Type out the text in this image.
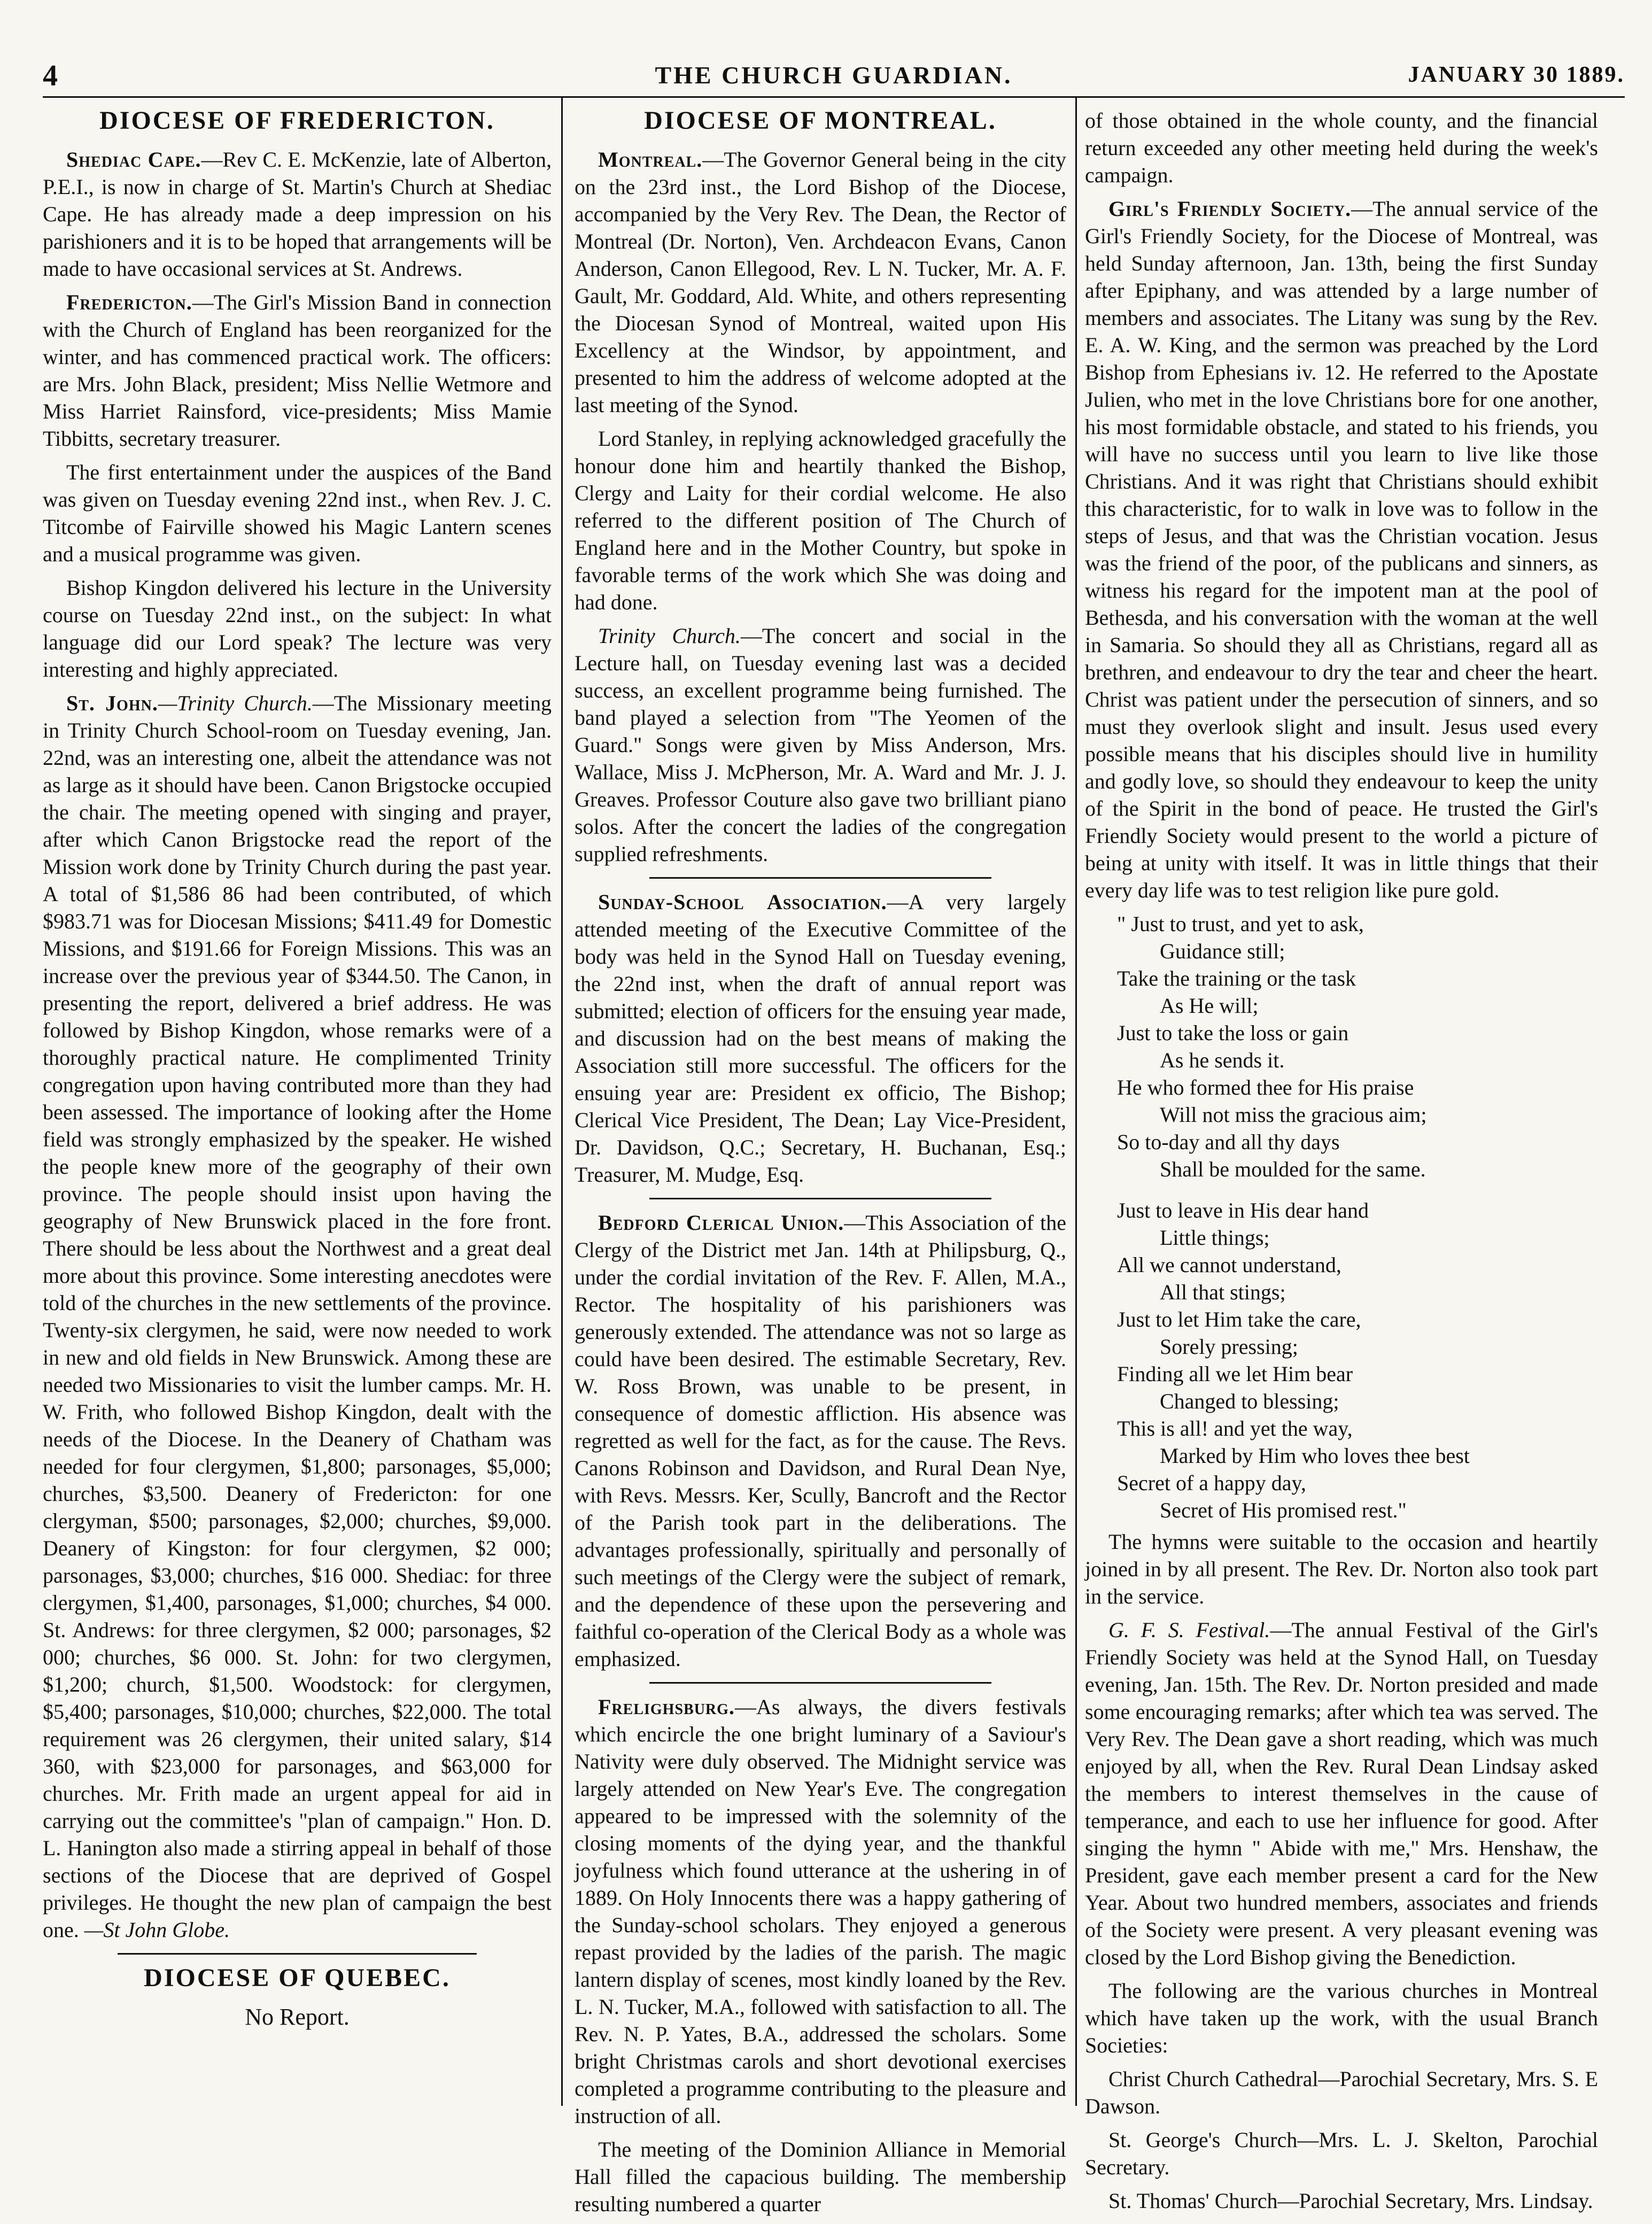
4	THE CHURCH GUARDIAN.	JANUARY 30 1889.
DIOCESE OF FREDERICTON.

Shediac Cape.—Rev C. E. McKenzie, late of Alberton, P.E.I., is now in charge of St. Martin's Church at Shediac Cape. He has already made a deep impression on his parishioners and it is to be hoped that arrangements will be made to have occasional services at St. Andrews.

Fredericton.—The Girl's Mission Band in connection with the Church of England has been reorganized for the winter, and has commenced practical work. The officers: are Mrs. John Black, president; Miss Nellie Wetmore and Miss Harriet Rainsford, vice-presidents; Miss Mamie Tibbitts, secretary treasurer.

The first entertainment under the auspices of the Band was given on Tuesday evening 22nd inst., when Rev. J. C. Titcombe of Fairville showed his Magic Lantern scenes and a musical programme was given.

Bishop Kingdon delivered his lecture in the University course on Tuesday 22nd inst., on the subject: In what language did our Lord speak? The lecture was very interesting and highly appreciated.

St. John.—Trinity Church.—The Missionary meeting in Trinity Church School-room on Tuesday evening, Jan. 22nd, was an interesting one, albeit the attendance was not as large as it should have been. Canon Brigstocke occupied the chair. The meeting opened with singing and prayer, after which Canon Brigstocke read the report of the Mission work done by Trinity Church during the past year. A total of $1,586 86 had been contributed, of which $983.71 was for Diocesan Missions; $411.49 for Domestic Missions, and $191.66 for Foreign Missions. This was an increase over the previous year of $344.50. The Canon, in presenting the report, delivered a brief address. He was followed by Bishop Kingdon, whose remarks were of a thoroughly practical nature. He complimented Trinity congregation upon having contributed more than they had been assessed. The importance of looking after the Home field was strongly emphasized by the speaker. He wished the people knew more of the geography of their own province. The people should insist upon having the geography of New Brunswick placed in the fore front. There should be less about the Northwest and a great deal more about this province. Some interesting anecdotes were told of the churches in the new settlements of the province. Twenty-six clergymen, he said, were now needed to work in new and old fields in New Brunswick. Among these are needed two Missionaries to visit the lumber camps. Mr. H. W. Frith, who followed Bishop Kingdon, dealt with the needs of the Diocese. In the Deanery of Chatham was needed for four clergymen, $1,800; parsonages, $5,000; churches, $3,500. Deanery of Fredericton: for one clergyman, $500; parsonages, $2,000; churches, $9,000. Deanery of Kingston: for four clergymen, $2 000; parsonages, $3,000; churches, $16 000. Shediac: for three clergymen, $1,400, parsonages, $1,000; churches, $4 000. St. Andrews: for three clergymen, $2 000; parsonages, $2 000; churches, $6 000. St. John: for two clergymen, $1,200; church, $1,500. Woodstock: for clergymen, $5,400; parsonages, $10,000; churches, $22,000. The total requirement was 26 clergymen, their united salary, $14 360, with $23,000 for parsonages, and $63,000 for churches. Mr. Frith made an urgent appeal for aid in carrying out the committee's "plan of campaign." Hon. D. L. Hanington also made a stirring appeal in behalf of those sections of the Diocese that are deprived of Gospel privileges. He thought the new plan of campaign the best one. —St John Globe.

DIOCESE OF QUEBEC.
No Report.
DIOCESE OF MONTREAL.

Montreal.—The Governor General being in the city on the 23rd inst., the Lord Bishop of the Diocese, accompanied by the Very Rev. The Dean, the Rector of Montreal (Dr. Norton), Ven. Archdeacon Evans, Canon Anderson, Canon Ellegood, Rev. L N. Tucker, Mr. A. F. Gault, Mr. Goddard, Ald. White, and others representing the Diocesan Synod of Montreal, waited upon His Excellency at the Windsor, by appointment, and presented to him the address of welcome adopted at the last meeting of the Synod.

Lord Stanley, in replying acknowledged gracefully the honour done him and heartily thanked the Bishop, Clergy and Laity for their cordial welcome. He also referred to the different position of The Church of England here and in the Mother Country, but spoke in favorable terms of the work which She was doing and had done.

Trinity Church.—The concert and social in the Lecture hall, on Tuesday evening last was a decided success, an excellent programme being furnished. The band played a selection from "The Yeomen of the Guard." Songs were given by Miss Anderson, Mrs. Wallace, Miss J. McPherson, Mr. A. Ward and Mr. J. J. Greaves. Professor Couture also gave two brilliant piano solos. After the concert the ladies of the congregation supplied refreshments.

Sunday-School Association.—A very largely attended meeting of the Executive Committee of the body was held in the Synod Hall on Tuesday evening, the 22nd inst, when the draft of annual report was submitted; election of officers for the ensuing year made, and discussion had on the best means of making the Association still more successful. The officers for the ensuing year are: President ex officio, The Bishop; Clerical Vice President, The Dean; Lay Vice-President, Dr. Davidson, Q.C.; Secretary, H. Buchanan, Esq.; Treasurer, M. Mudge, Esq.

Bedford Clerical Union.—This Association of the Clergy of the District met Jan. 14th at Philipsburg, Q., under the cordial invitation of the Rev. F. Allen, M.A., Rector. The hospitality of his parishioners was generously extended. The attendance was not so large as could have been desired. The estimable Secretary, Rev. W. Ross Brown, was unable to be present, in consequence of domestic affliction. His absence was regretted as well for the fact, as for the cause. The Revs. Canons Robinson and Davidson, and Rural Dean Nye, with Revs. Messrs. Ker, Scully, Bancroft and the Rector of the Parish took part in the deliberations. The advantages professionally, spiritually and personally of such meetings of the Clergy were the subject of remark, and the dependence of these upon the persevering and faithful co-operation of the Clerical Body as a whole was emphasized.

Frelighsburg.—As always, the divers festivals which encircle the one bright luminary of a Saviour's Nativity were duly observed. The Midnight service was largely attended on New Year's Eve. The congregation appeared to be impressed with the solemnity of the closing moments of the dying year, and the thankful joyfulness which found utterance at the ushering in of 1889. On Holy Innocents there was a happy gathering of the Sunday-school scholars. They enjoyed a generous repast provided by the ladies of the parish. The magic lantern display of scenes, most kindly loaned by the Rev. L. N. Tucker, M.A., followed with satisfaction to all. The Rev. N. P. Yates, B.A., addressed the scholars. Some bright Christmas carols and short devotional exercises completed a programme contributing to the pleasure and instruction of all.

The meeting of the Dominion Alliance in Memorial Hall filled the capacious building. The membership resulting numbered a quarter

of those obtained in the whole county, and the financial return exceeded any other meeting held during the week's campaign.

Girl's Friendly Society.—The annual service of the Girl's Friendly Society, for the Diocese of Montreal, was held Sunday afternoon, Jan. 13th, being the first Sunday after Epiphany, and was attended by a large number of members and associates. The Litany was sung by the Rev. E. A. W. King, and the sermon was preached by the Lord Bishop from Ephesians iv. 12. He referred to the Apostate Julien, who met in the love Christians bore for one another, his most formidable obstacle, and stated to his friends, you will have no success until you learn to live like those Christians. And it was right that Christians should exhibit this characteristic, for to walk in love was to follow in the steps of Jesus, and that was the Christian vocation. Jesus was the friend of the poor, of the publicans and sinners, as witness his regard for the impotent man at the pool of Bethesda, and his conversation with the woman at the well in Samaria. So should they all as Christians, regard all as brethren, and endeavour to dry the tear and cheer the heart. Christ was patient under the persecution of sinners, and so must they overlook slight and insult. Jesus used every possible means that his disciples should live in humility and godly love, so should they endeavour to keep the unity of the Spirit in the bond of peace. He trusted the Girl's Friendly Society would present to the world a picture of being at unity with itself. It was in little things that their every day life was to test religion like pure gold.

" Just to trust, and yet to ask,
Guidance still;
Take the training or the task
As He will;
Just to take the loss or gain
As he sends it.
He who formed thee for His praise
Will not miss the gracious aim;
So to-day and all thy days
Shall be moulded for the same.
Just to leave in His dear hand
Little things;
All we cannot understand,
All that stings;
Just to let Him take the care,
Sorely pressing;
Finding all we let Him bear
Changed to blessing;
This is all! and yet the way,
Marked by Him who loves thee best
Secret of a happy day,
Secret of His promised rest."

The hymns were suitable to the occasion and heartily joined in by all present. The Rev. Dr. Norton also took part in the service.

G. F. S. Festival.—The annual Festival of the Girl's Friendly Society was held at the Synod Hall, on Tuesday evening, Jan. 15th. The Rev. Dr. Norton presided and made some encouraging remarks; after which tea was served. The Very Rev. The Dean gave a short reading, which was much enjoyed by all, when the Rev. Rural Dean Lindsay asked the members to interest themselves in the cause of temperance, and each to use her influence for good. After singing the hymn " Abide with me," Mrs. Henshaw, the President, gave each member present a card for the New Year. About two hundred members, associates and friends of the Society were present. A very pleasant evening was closed by the Lord Bishop giving the Benediction.

The following are the various churches in Montreal which have taken up the work, with the usual Branch Societies:

Christ Church Cathedral—Parochial Secretary, Mrs. S. E Dawson.

St. George's Church—Mrs. L. J. Skelton, Parochial Secretary.

St. Thomas' Church—Parochial Secretary, Mrs. Lindsay.
